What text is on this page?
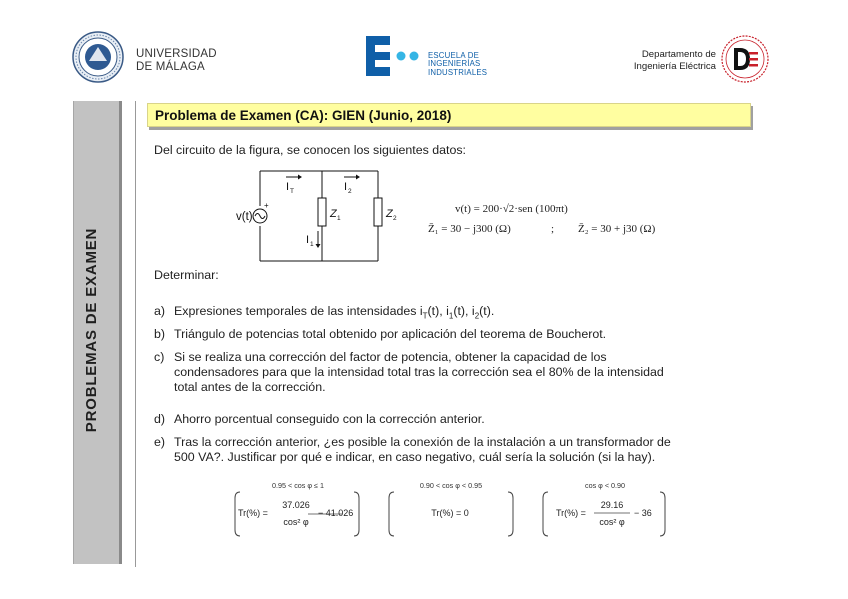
UNIVERSIDAD
DE MÁLAGA
ESCUELA DE
INGENIERÍAS
INDUSTRIALES
Departamento de
Ingeniería Eléctrica
PROBLEMAS DE EXAMEN
Problema de Examen (CA): GIEN (Junio, 2018)
Del circuito de la figura, se conocen los siguientes datos:
v(t)
+
I T	I 2
I 1
Z 1	Z 2
v(t) = 200·√2·sen (100πt)
Z̄₁ = 30 − j300 (Ω)	; Z̄₂ = 30 + j30 (Ω)
Determinar:
a) Expresiones temporales de las intensidades $i_T(t)$, $i_1(t)$, $i_2(t)$.
b) Triángulo de potencias total obtenido por aplicación del teorema de Boucherot.
c) Si se realiza una corrección del factor de potencia, obtener la capacidad de los
condensadores para que la intensidad total tras la corrección sea el 80% de la intensidad
total antes de la corrección.
d) Ahorro porcentual conseguido con la corrección anterior.
e) Tras la corrección anterior, ¿es posible la conexión de la instalación a un transformador de
500 VA?. Justificar por qué e indicar, en caso negativo, cuál sería la solución (si la hay).
0.95 < cos φ ≤ 1
Tr(%) =
37.026
cos² φ
− 41.026
0.90 < cos φ < 0.95
Tr(%) = 0
cos φ < 0.90
Tr(%) =
29.16
cos² φ
− 36
